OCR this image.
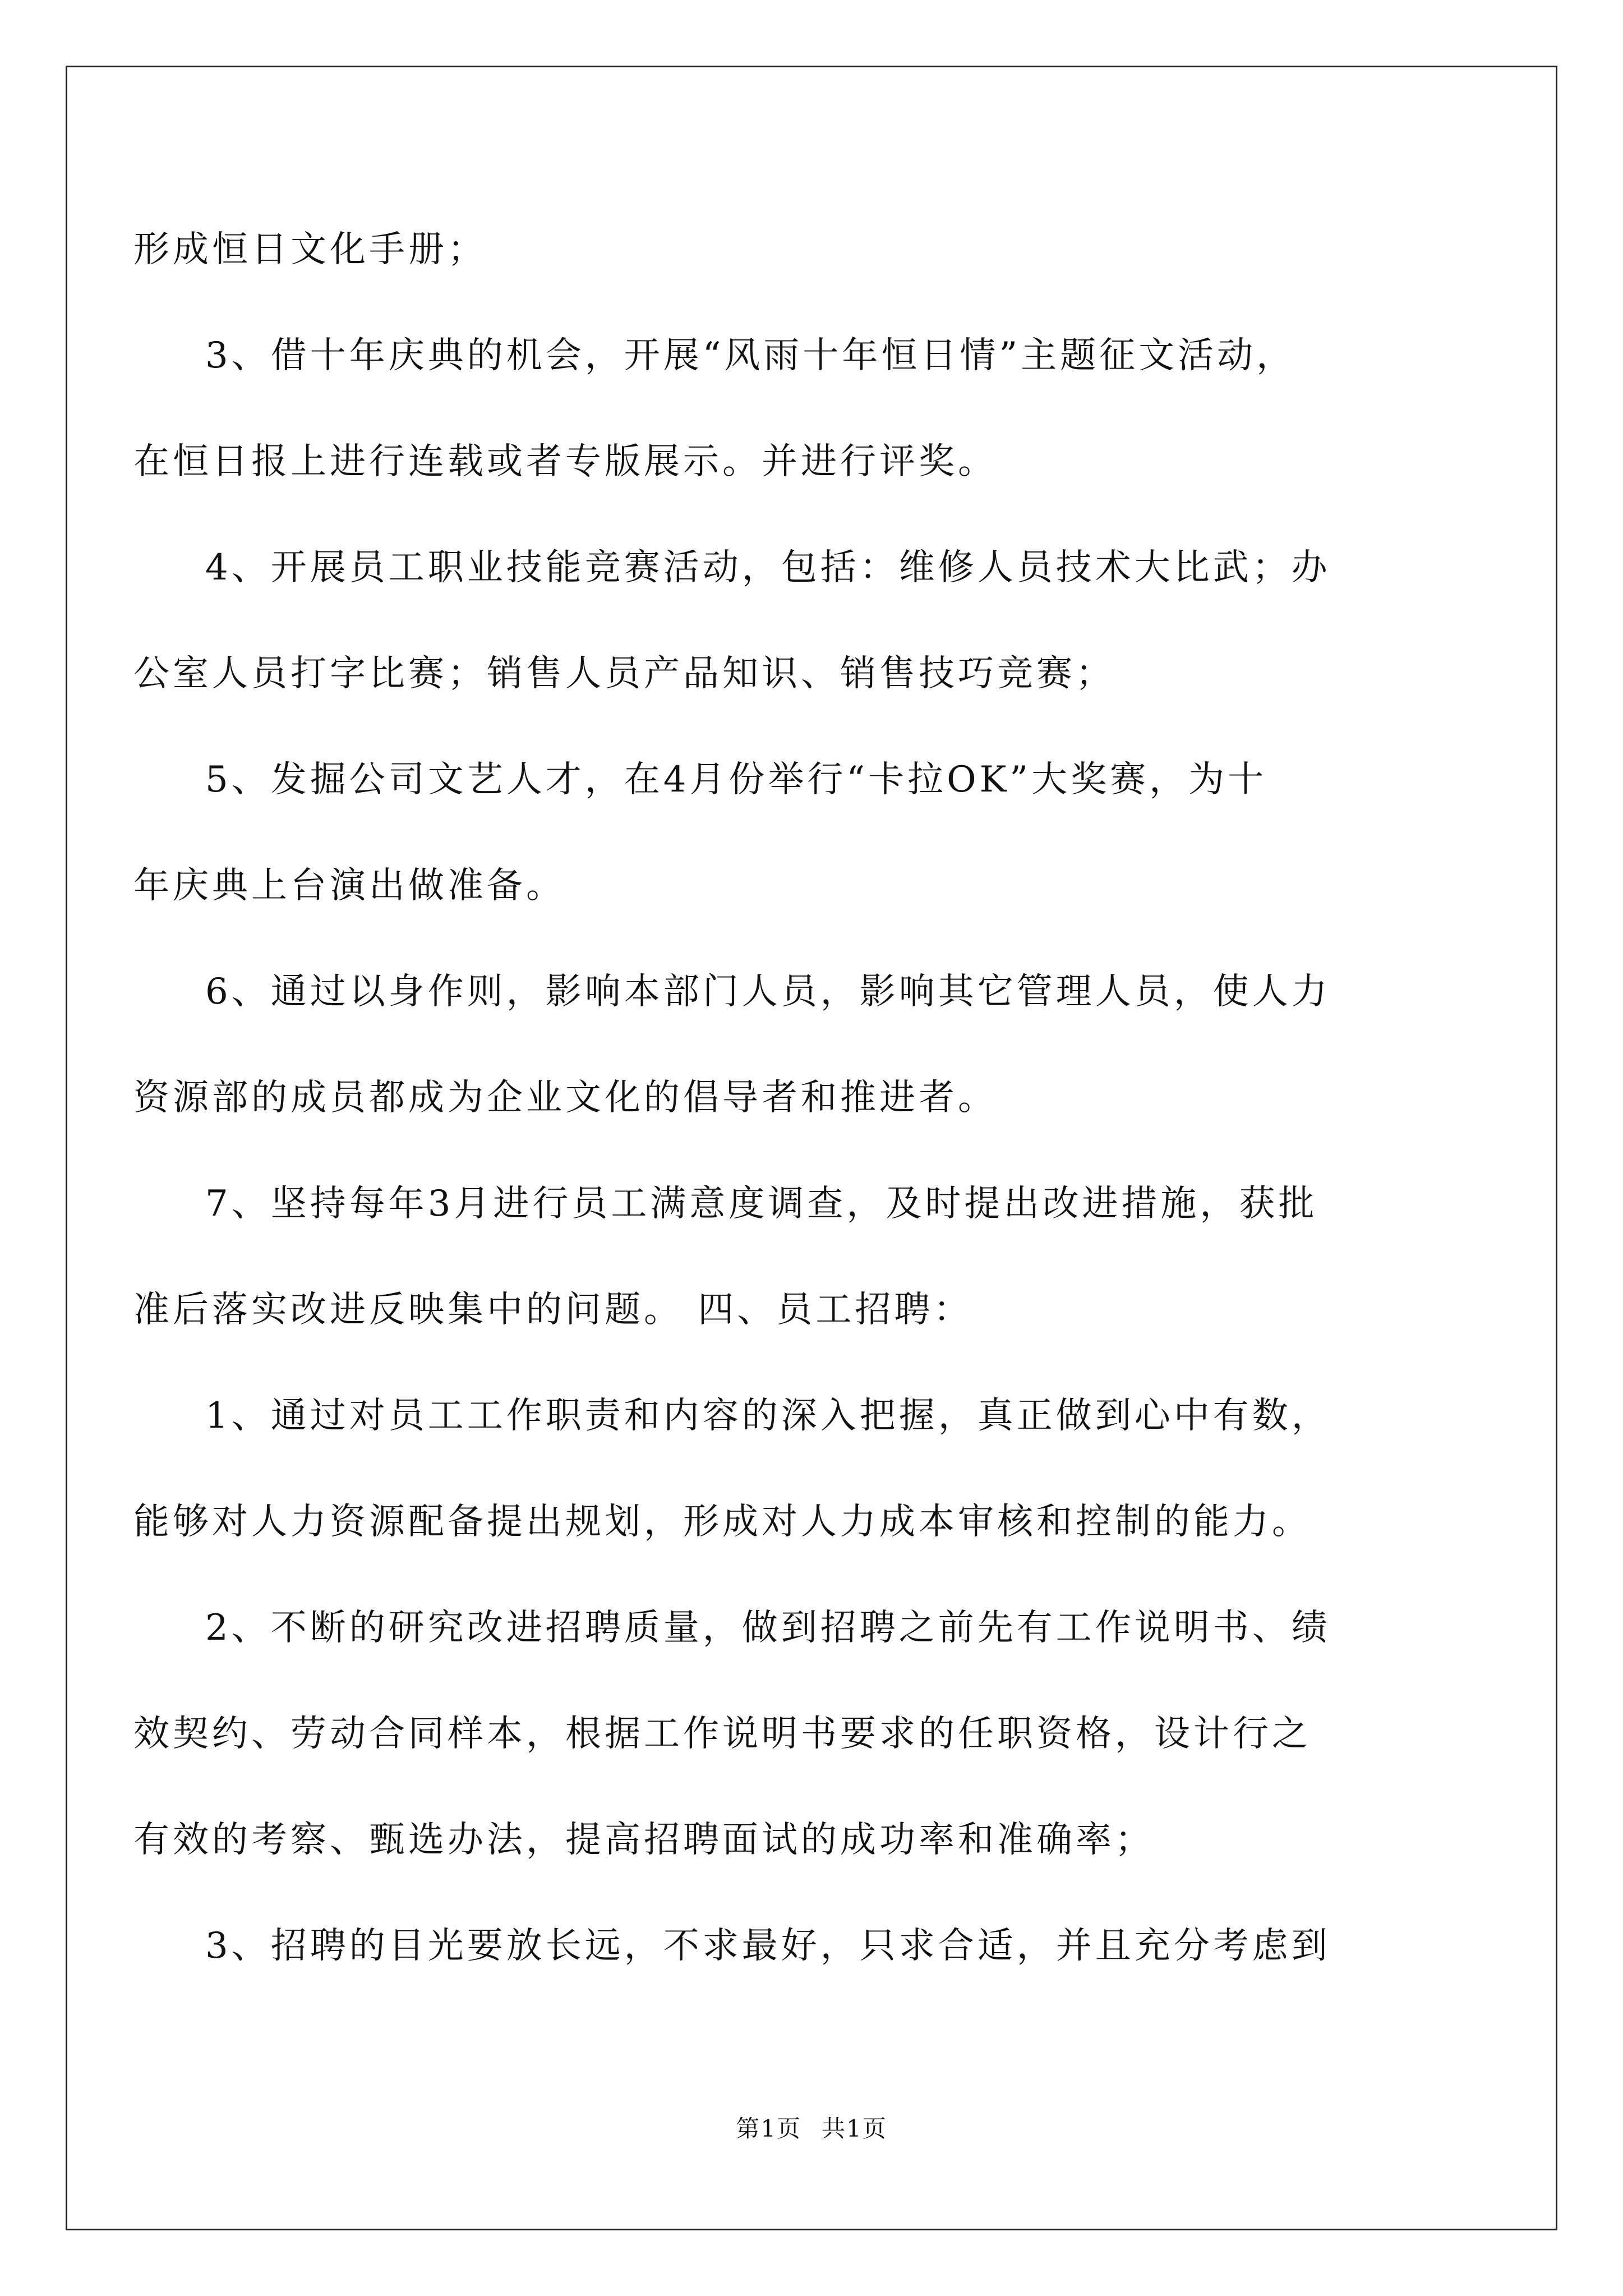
形成恒日文化手册；
3、借十年庆典的机会，开展“风雨十年恒日情”主题征文活动，
在恒日报上进行连载或者专版展示。并进行评奖。
4、开展员工职业技能竞赛活动，包括：维修人员技术大比武；办
公室人员打字比赛；销售人员产品知识、销售技巧竞赛；
5、发掘公司文艺人才，在4月份举行“卡拉OK”大奖赛，为十
年庆典上台演出做准备。
6、通过以身作则，影响本部门人员，影响其它管理人员，使人力
资源部的成员都成为企业文化的倡导者和推进者。
7、坚持每年3月进行员工满意度调查，及时提出改进措施，获批
准后落实改进反映集中的问题。 四、员工招聘：
1、通过对员工工作职责和内容的深入把握，真正做到心中有数，
能够对人力资源配备提出规划，形成对人力成本审核和控制的能力。
2、不断的研究改进招聘质量，做到招聘之前先有工作说明书、绩
效契约、劳动合同样本，根据工作说明书要求的任职资格，设计行之
有效的考察、甄选办法，提高招聘面试的成功率和准确率；
3、招聘的目光要放长远，不求最好，只求合适，并且充分考虑到
第1页 共1页
